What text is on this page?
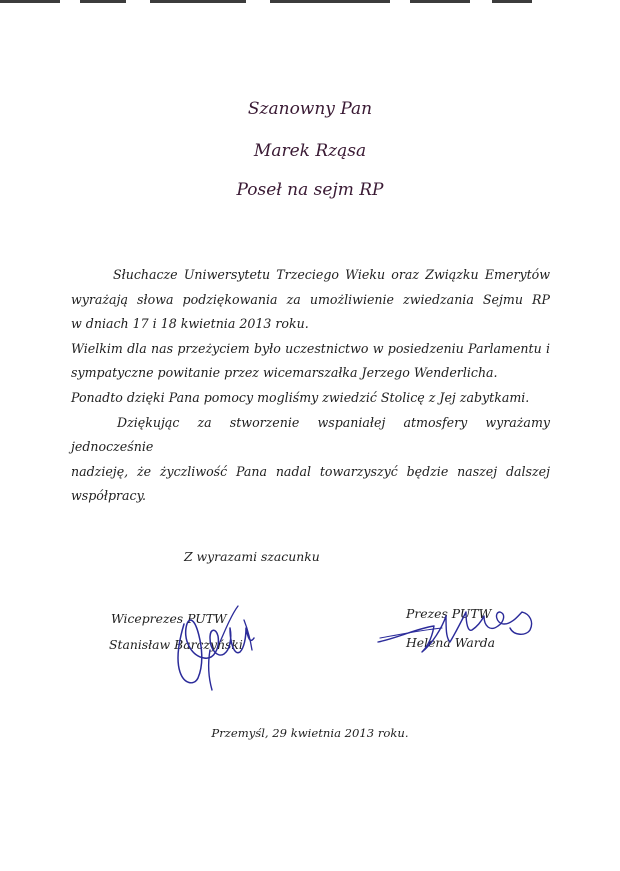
Szanowny Pan
Marek Rząsa
Poseł na sejm RP

Słuchacze Uniwersytetu Trzeciego Wieku oraz Związku Emerytów

wyrażają słowa podziękowania za umożliwienie zwiedzania Sejmu RP

w dniach 17 i 18 kwietnia 2013 roku.

Wielkim dla nas przeżyciem było uczestnictwo w posiedzeniu Parlamentu i

sympatyczne powitanie przez wicemarszałka Jerzego Wenderlicha.

Ponadto dzięki Pana pomocy mogliśmy zwiedzić Stolicę z Jej zabytkami.

Dziękując za stworzenie wspaniałej atmosfery wyrażamy jednocześnie

nadzieję, że życzliwość Pana nadal towarzyszyć będzie naszej dalszej

współpracy.

Z wyrazami szacunku
Wiceprezes PUTW
Stanisław Barczyński
Prezes PUTW
Helena Warda
Przemyśl, 29 kwietnia 2013 roku.
